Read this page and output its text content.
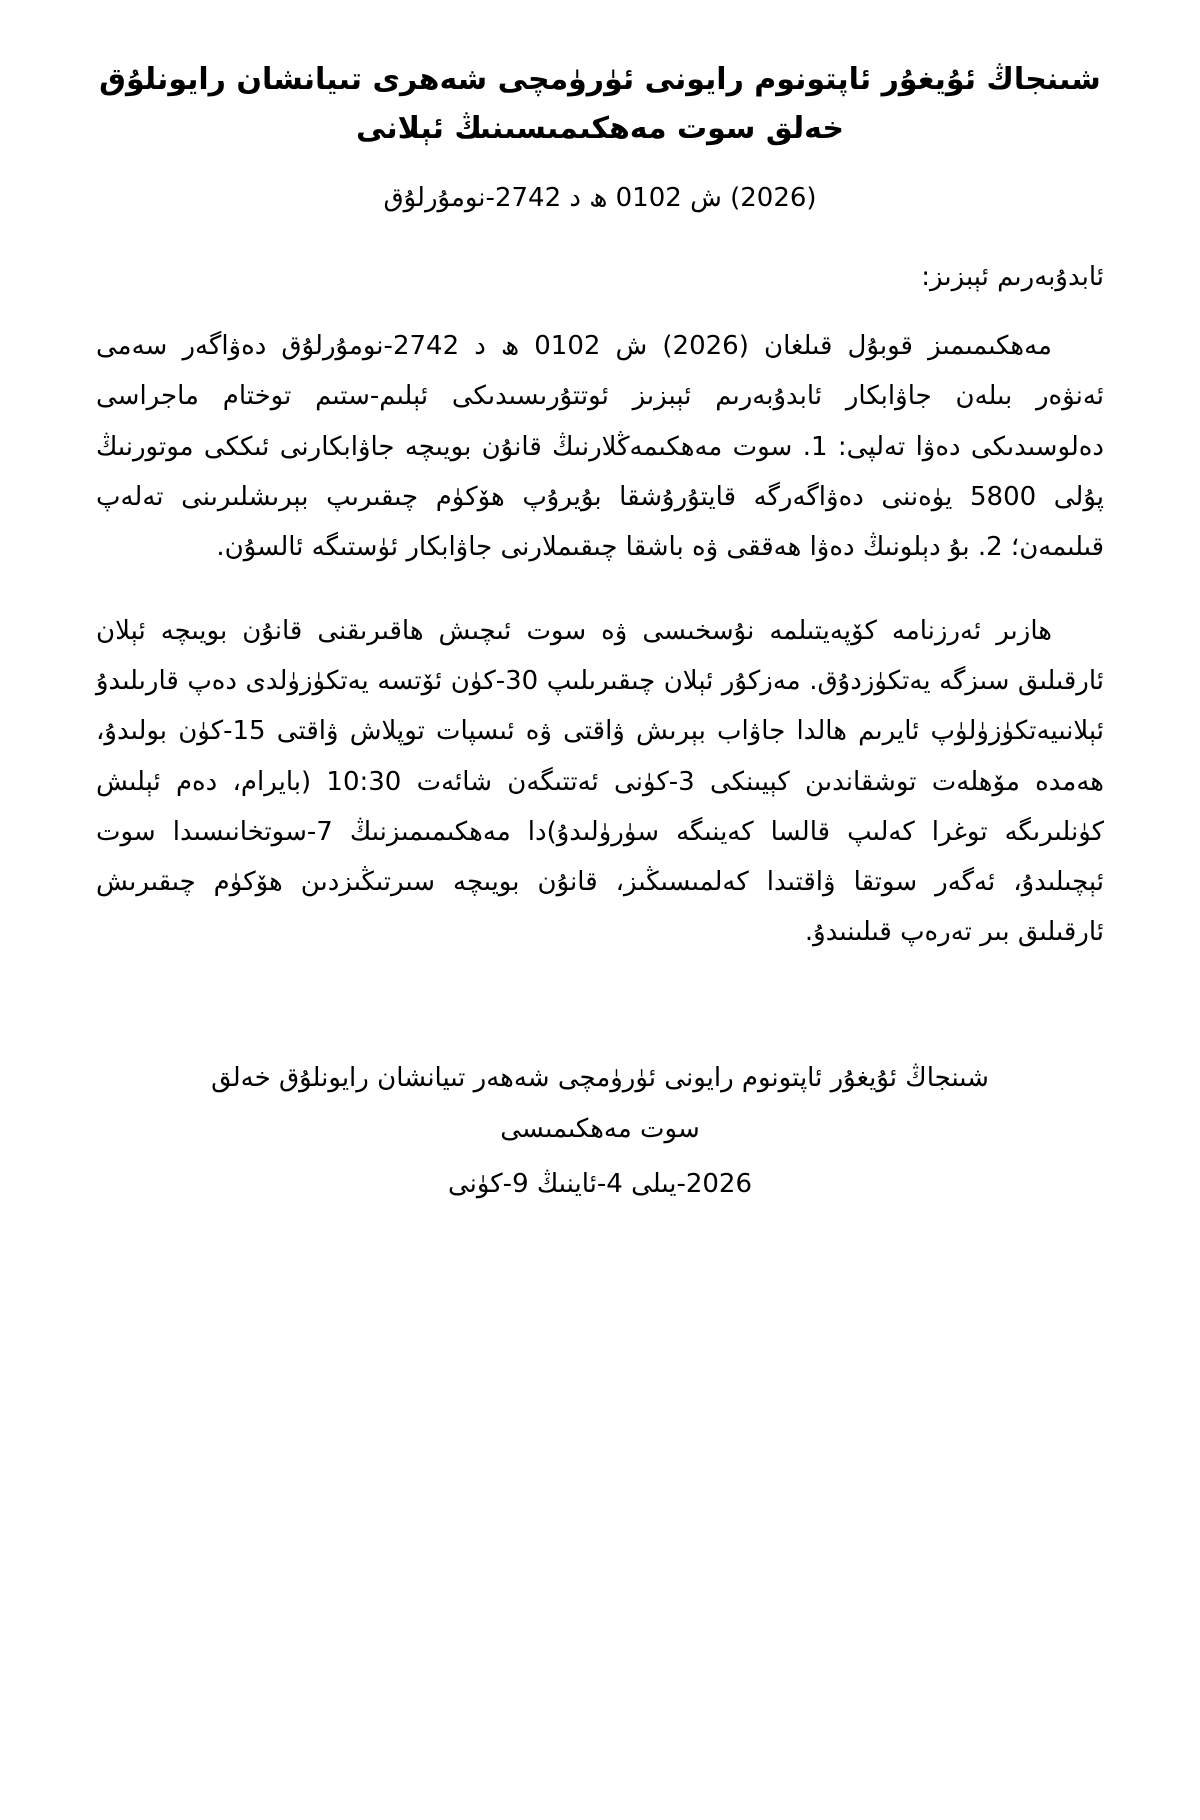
شىنجاڭ ئۇيغۇر ئاپتونوم رايونى ئۈرۈمچى شەھرى تىيانشان رايونلۇق خەلق سوت مەھكىمىسىنىڭ ئېلانى
(2026) ش 0102 ھ د 2742-نومۇرلۇق
ئابدۇبەرىم ئېبزىز:

مەھكىمىمىز قوبۇل قىلغان (2026) ش 0102 ھ د 2742-نومۇرلۇق دەۋاگەر سەمى ئەنۋەر بىلەن جاۋابكار ئابدۇبەرىم ئېبزىز ئوتتۇرىسىدىكى ئېلىم-ستىم توختام ماجراسى دەلوسىدىكى دەۋا تەلپى: 1. سوت مەھكىمەڭلارنىڭ قانۇن بويىچە جاۋابكارنى ئىككى موتورنىڭ پۇلى 5800 يۈەننى دەۋاگەرگە قايتۇرۇشقا بۇيرۇپ ھۆكۈم چىقىرىپ بېرىشلىرىنى تەلەپ قىلىمەن؛ 2. بۇ دېلونىڭ دەۋا ھەققى ۋە باشقا چىقىملارنى جاۋابكار ئۈستىگە ئالسۇن.

ھازىر ئەرزنامە كۆپەيتىلمە نۇسخىسى ۋە سوت ئىچىش ھاقىرىقنى قانۇن بويىچە ئېلان ئارقىلىق سىزگە يەتكۈزدۇق. مەزكۇر ئېلان چىقىرىلىپ 30-كۈن ئۆتسە يەتكۈزۈلدى دەپ قارىلىدۇ ئېلانىيەتكۈزۈلۈپ ئايرىم ھالدا جاۋاب بېرىش ۋاقتى ۋە ئىسپات توپلاش ۋاقتى 15-كۈن بولىدۇ، ھەمدە مۆھلەت توشقاندىن كېيىنكى 3-كۈنى ئەتتىگەن شائەت 10:30 (بايرام، دەم ئېلىش كۈنلىرىگە توغرا كەلىپ قالسا كەينىگە سۈرۈلىدۇ)دا مەھكىمىمىزنىڭ 7-سوتخانىسىدا سوت ئېچىلىدۇ، ئەگەر سوتقا ۋاقتىدا كەلمىسىڭىز، قانۇن بويىچە سىرتىڭىزدىن ھۆكۈم چىقىرىش ئارقىلىق بىر تەرەپ قىلىنىدۇ.

شىنجاڭ ئۇيغۇر ئاپتونوم رايونى ئۈرۈمچى شەھەر تىيانشان رايونلۇق خەلق
سوت مەھكىمىسى
2026-يىلى 4-ئاينىڭ 9-كۈنى
